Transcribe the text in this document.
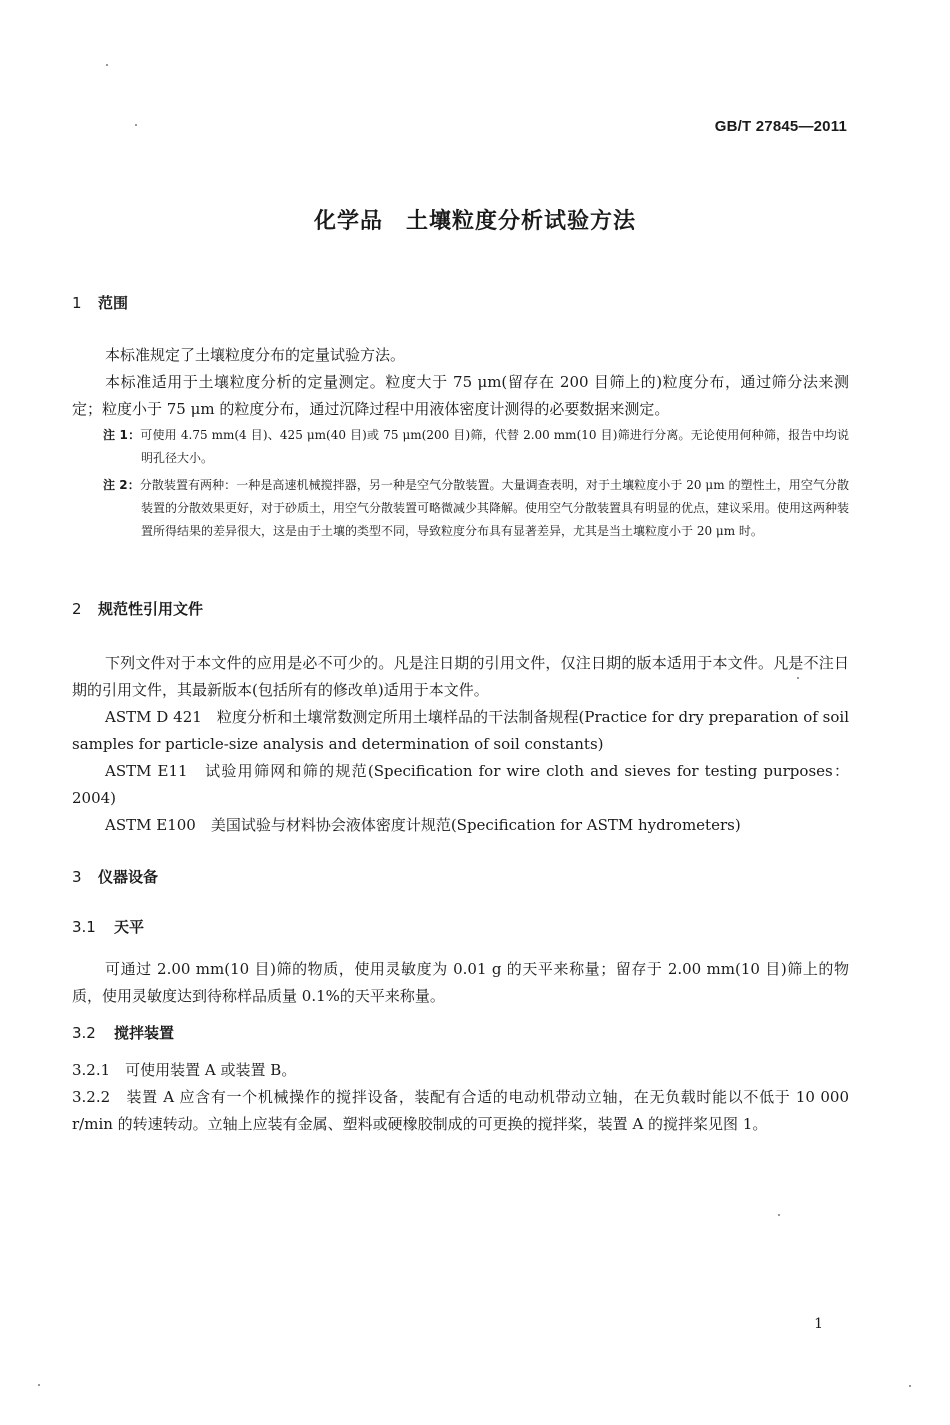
GB/T 27845—2011
化学品　土壤粒度分析试验方法
1 范围
本标准规定了土壤粒度分布的定量试验方法。
本标准适用于土壤粒度分析的定量测定。粒度大于 75 μm(留存在 200 目筛上的)粒度分布，通过筛分法来测定；粒度小于 75 μm 的粒度分布，通过沉降过程中用液体密度计测得的必要数据来测定。
注 1：可使用 4.75 mm(4 目)、425 μm(40 目)或 75 μm(200 目)筛，代替 2.00 mm(10 目)筛进行分离。无论使用何种筛，报告中均说明孔径大小。
注 2：分散装置有两种：一种是高速机械搅拌器，另一种是空气分散装置。大量调查表明，对于土壤粒度小于 20 μm 的塑性土，用空气分散装置的分散效果更好，对于砂质土，用空气分散装置可略微减少其降解。使用空气分散装置具有明显的优点，建议采用。使用这两种装置所得结果的差异很大，这是由于土壤的类型不同，导致粒度分布具有显著差异，尤其是当土壤粒度小于 20 μm 时。
2 规范性引用文件
下列文件对于本文件的应用是必不可少的。凡是注日期的引用文件，仅注日期的版本适用于本文件。凡是不注日期的引用文件，其最新版本(包括所有的修改单)适用于本文件。
ASTM D 421　粒度分析和土壤常数测定所用土壤样品的干法制备规程(Practice for dry preparation of soil samples for particle-size analysis and determination of soil constants)
ASTM E11　试验用筛网和筛的规范(Specification for wire cloth and sieves for testing purposes：2004)
ASTM E100　美国试验与材料协会液体密度计规范(Specification for ASTM hydrometers)
3 仪器设备
3.1 天平
可通过 2.00 mm(10 目)筛的物质，使用灵敏度为 0.01 g 的天平来称量；留存于 2.00 mm(10 目)筛上的物质，使用灵敏度达到待称样品质量 0.1%的天平来称量。
3.2 搅拌装置
3.2.1　可使用装置 A 或装置 B。
3.2.2　装置 A 应含有一个机械操作的搅拌设备，装配有合适的电动机带动立轴，在无负载时能以不低于 10 000 r/min 的转速转动。立轴上应装有金属、塑料或硬橡胶制成的可更换的搅拌桨，装置 A 的搅拌桨见图 1。
1
